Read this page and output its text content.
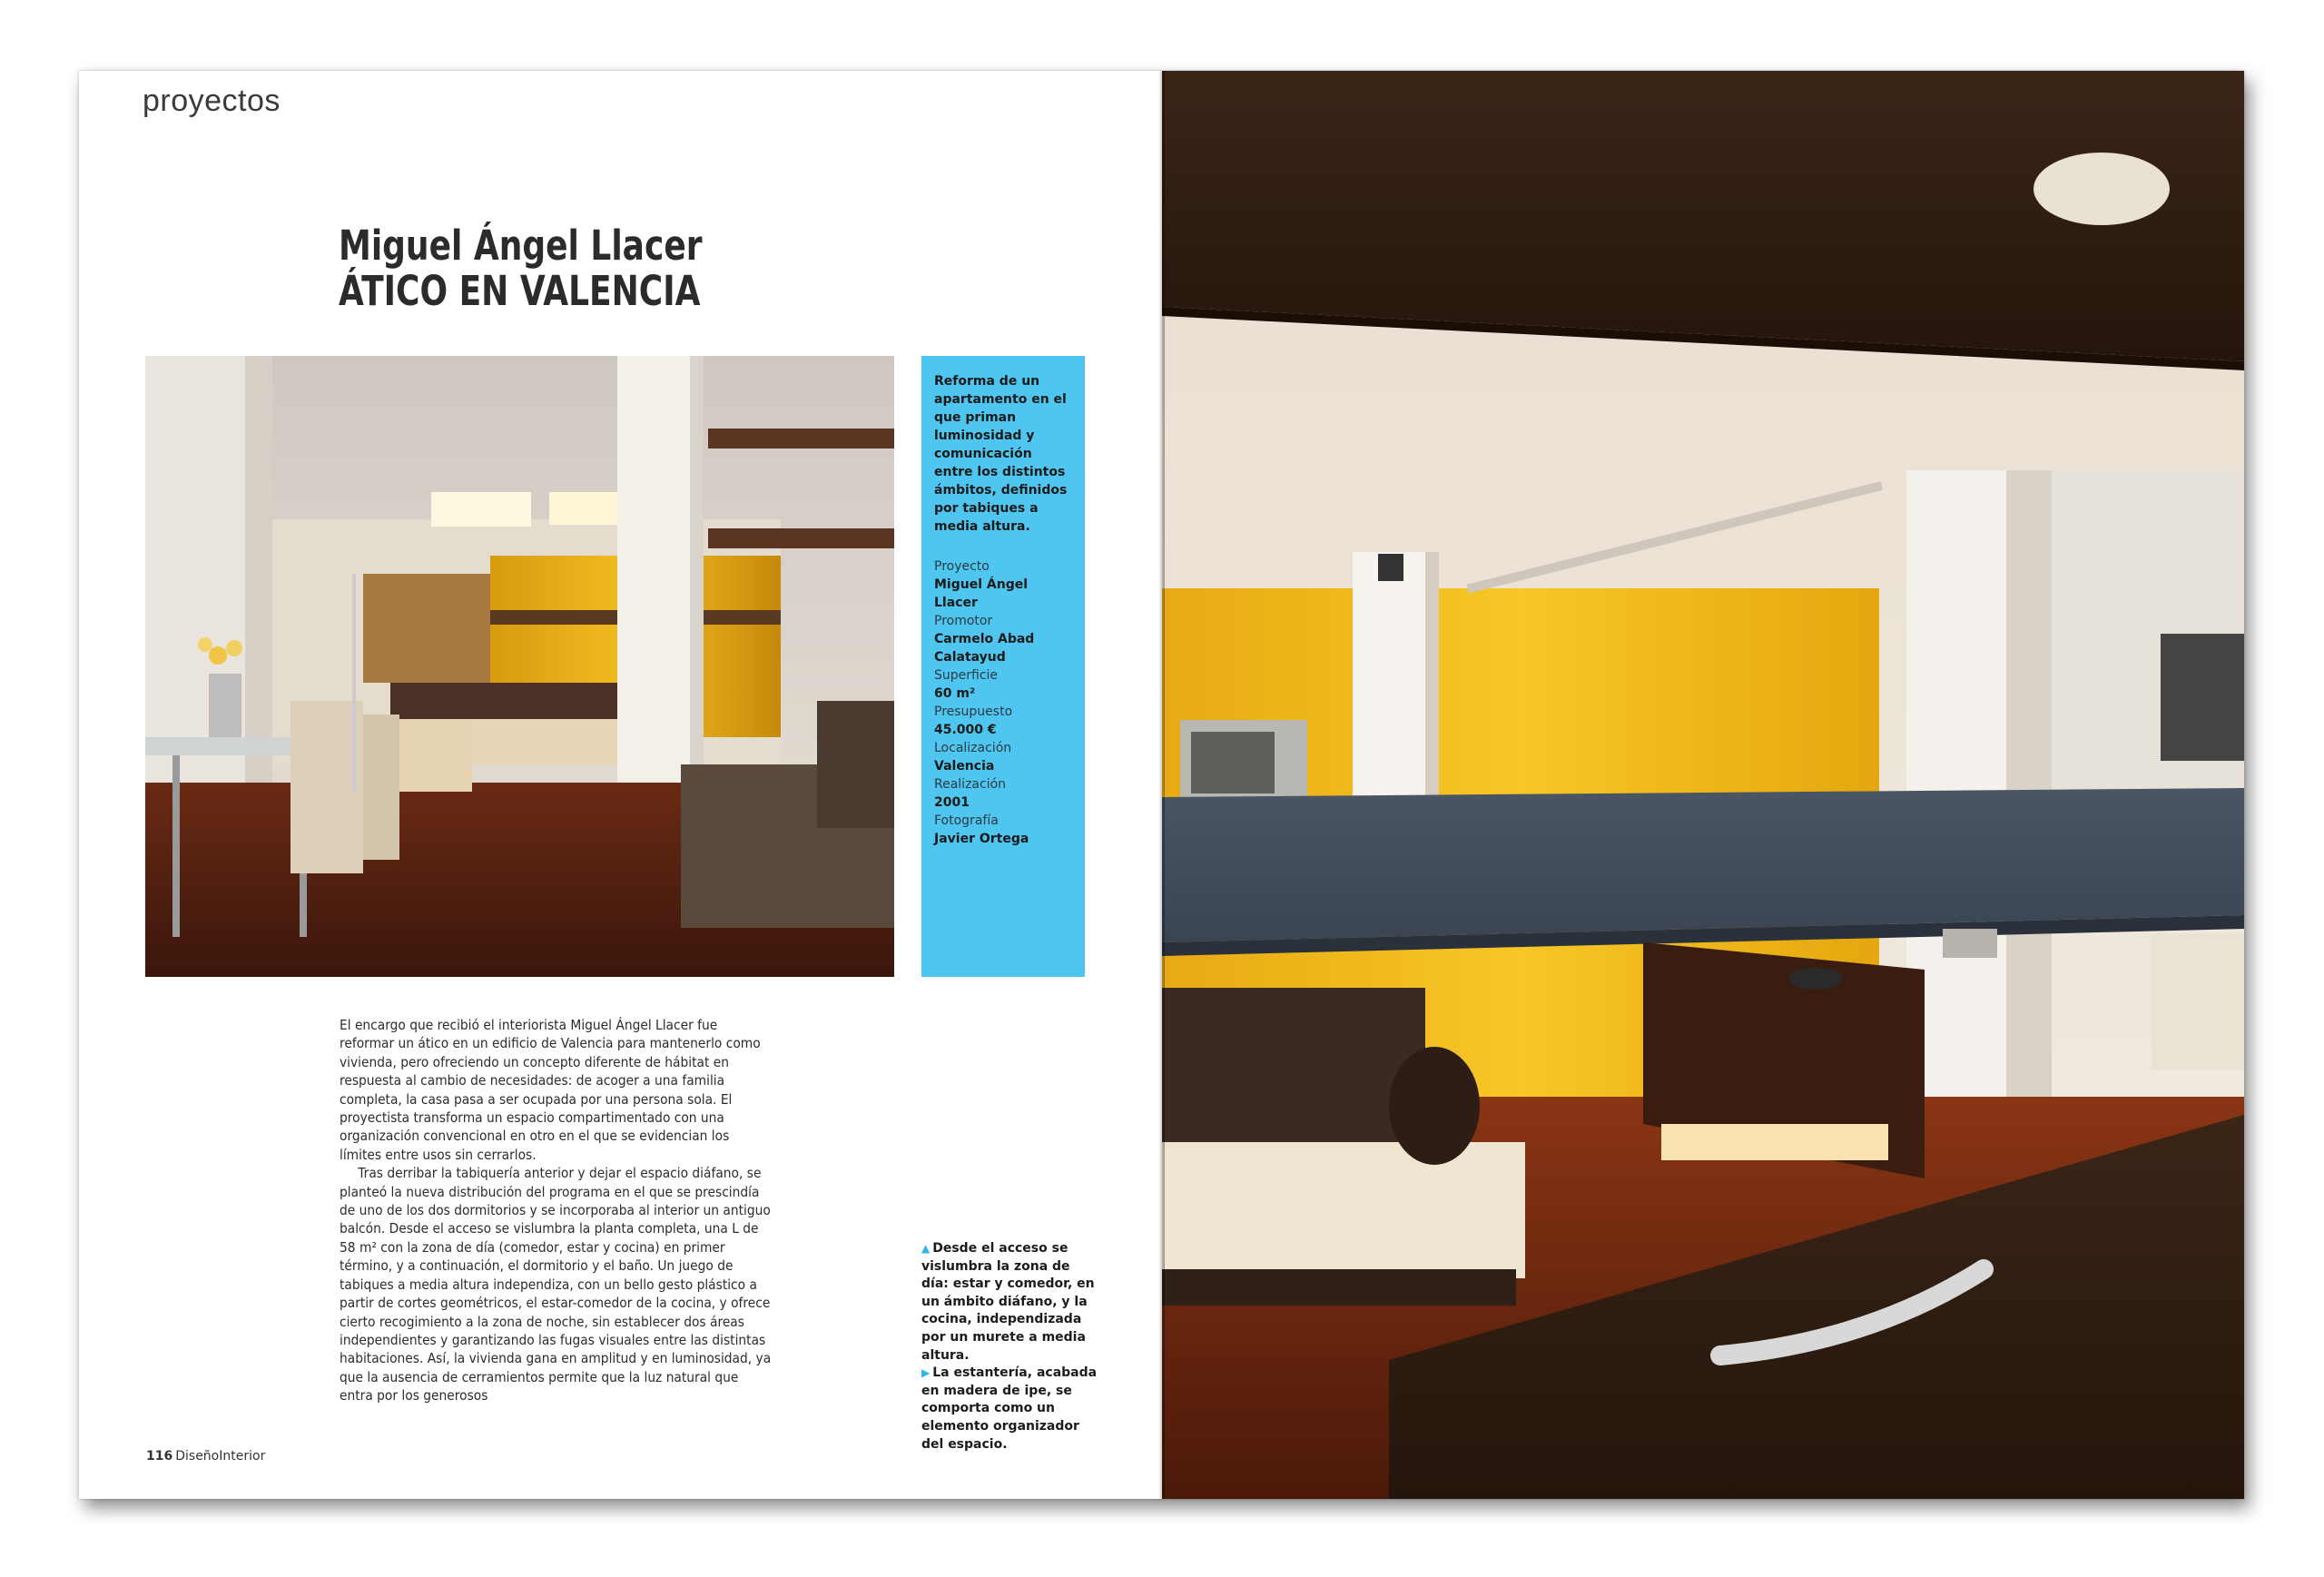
proyectos
Miguel Ángel Llacer
ÁTICO EN VALENCIA
Reforma de un apartamento en el que priman luminosidad y comunicación entre los distintos ámbitos, definidos por tabiques a media altura.
Proyecto
Miguel Ángel Llacer
Promotor
Carmelo Abad Calatayud
Superficie
60 m²
Presupuesto
45.000 €
Localización
Valencia
Realización
2001
Fotografía
Javier Ortega

El encargo que recibió el interiorista Miguel Ángel Llacer fue reformar un ático en un edificio de Valencia para mantenerlo como vivienda, pero ofreciendo un concepto diferente de hábitat en respuesta al cambio de necesidades: de acoger a una familia completa, la casa pasa a ser ocupada por una persona sola. El proyectista transforma un espacio compartimentado con una organización convencional en otro en el que se evidencian los límites entre usos sin cerrarlos.

Tras derribar la tabiquería anterior y dejar el espacio diáfano, se planteó la nueva distribución del programa en el que se prescindía de uno de los dos dormitorios y se incorporaba al interior un antiguo balcón. Desde el acceso se vislumbra la planta completa, una L de 58 m² con la zona de día (comedor, estar y cocina) en primer término, y a continuación, el dormitorio y el baño. Un juego de tabiques a media altura independiza, con un bello gesto plástico a partir de cortes geométricos, el estar-comedor de la cocina, y ofrece cierto recogimiento a la zona de noche, sin establecer dos áreas independientes y garantizando las fugas visuales entre las distintas habitaciones. Así, la vivienda gana en amplitud y en luminosidad, ya que la ausencia de cerramientos permite que la luz natural que entra por los generosos

▲ Desde el acceso se vislumbra la zona de día: estar y comedor, en un ámbito diáfano, y la cocina, independizada por un murete a media altura.

▶ La estantería, acabada en madera de ipe, se comporta como un elemento organizador del espacio.

116 DiseñoInterior
